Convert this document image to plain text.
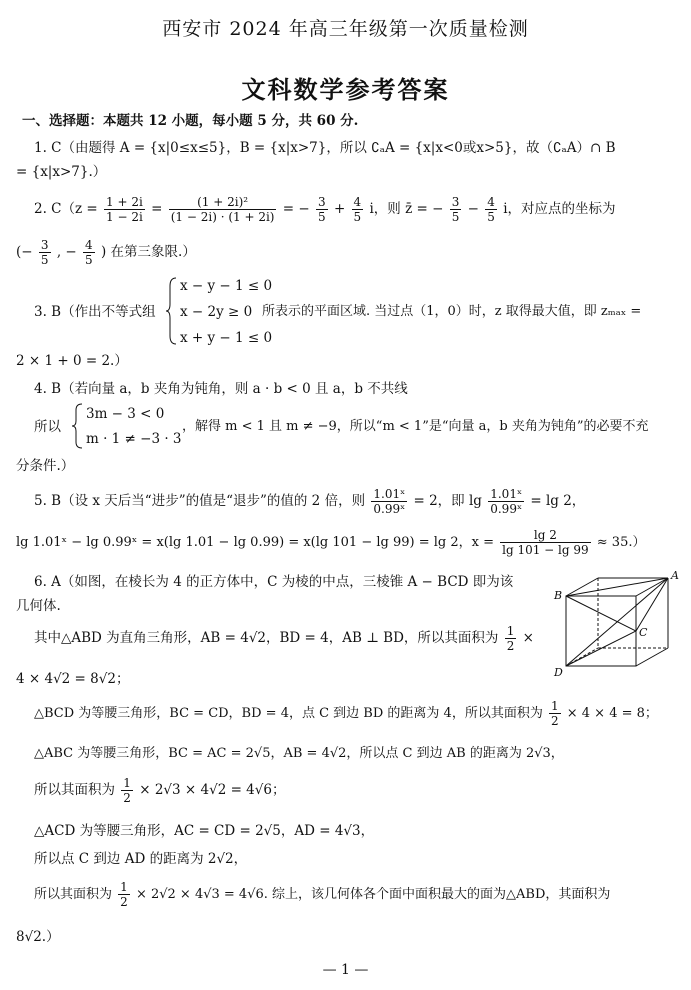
西安市 2024 年高三年级第一次质量检测
文科数学参考答案
一、选择题：本题共 12 小题，每小题 5 分，共 60 分.
1. C（由题得 A = {x|0≤x≤5}，B = {x|x>7}，所以 ∁ₐA = {x|x<0或x>5}，故（∁ₐA）∩ B
= {x|x>7}.）
2. $C(z = \frac{1 + 2i}{1 - 2i} = \frac{\text{(1 + 2i)²}}{(1 - 2i) \cdot (1 + 2i)}$ = − $\frac{3}{5} + \frac{4}{5}$ i，则 z̄ = − $\frac{3}{5} - \frac{4}{5}$ i，对应点的坐标为
(− $\frac{3}{5}$ , − $\frac{4}{5}$ ) 在第三象限.）
3. B（作出不等式组
x − y − 1 ≤ 0
x − 2y ≥ 0
x + y − 1 ≤ 0
所表示的平面区域. 当过点（1，0）时，z 取得最大值，即 zₘₐₓ =
2 × 1 + 0 = 2.）
4. B（若向量 a，b 夹角为钝角，则 a · b < 0 且 a，b 不共线
所以
3m − 3 < 0
m · 1 ≠ −3 · 3
，解得 m < 1 且 m ≠ −9，所以“m < 1”是“向量 a，b 夹角为钝角”的必要不充
分条件.）
5. B（设 x 天后当“进步”的值是“退步”的值的 2 倍，则 $\frac{\text{1.01ˣ}}{\text{0.99ˣ}} = 2$，即 $\lg \frac{\text{1.01ˣ}}{\text{0.99ˣ}} = \lg 2$，
lg 1.01ˣ − lg 0.99ˣ = x(lg 1.01 − lg 0.99) = x(lg 101 − lg 99) = lg 2，$x = \frac{\lg 2}{\lg 101 - \lg 99} \approx 35$.）
6. A（如图，在棱长为 4 的正方体中，C 为棱的中点，三棱锥 A − BCD 即为该
几何体.
A
B
C
D
其中△ABD 为直角三角形，AB = 4√2，BD = 4，AB ⊥ BD，所以其面积为 $\frac{1}{2}$ ×
4 × 4√2 = 8√2；
△BCD 为等腰三角形，BC = CD，BD = 4，点 C 到边 BD 的距离为 4，所以其面积为 $\frac{1}{2} \times 4 \times 4 = 8$；
△ABC 为等腰三角形，BC = AC = 2√5，AB = 4√2，所以点 C 到边 AB 的距离为 2√3，
所以其面积为 $\frac{1}{2} \times 2√3 \times 4√2 = 4√6$；
△ACD 为等腰三角形，AC = CD = 2√5，AD = 4√3，
所以点 C 到边 AD 的距离为 2√2，
所以其面积为 $\frac{1}{2} \times 2√2 \times 4√3 = 4√6$. 综上，该几何体各个面中面积最大的面为△ABD，其面积为
8√2.）
— 1 —
